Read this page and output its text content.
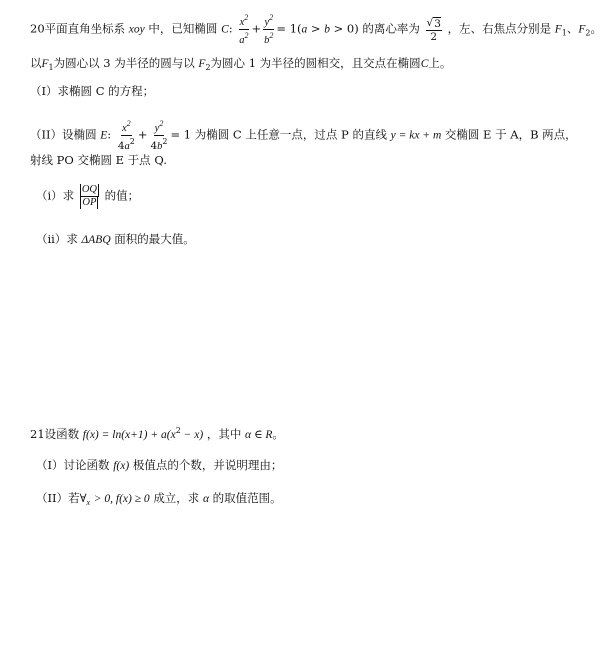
20平面直角坐标系 xoy 中，已知椭圆 C: $\frac{x^2}{a^2} + \frac{y^2}{b^2} = 1(a > b > 0)$ 的离心率为 $\frac{√ 3}{2}$ ，左、右焦点分别是 $F_1$、$F_2$。
以$F_1$为圆心以 3 为半径的圆与以 $F_2$为圆心 1 为半径的圆相交，且交点在椭圆C上。
（I）求椭圆 C 的方程；
（II）设椭圆 E: $\frac{x^2}{4a^2} + \frac{y^2}{4b^2} = 1$ 为椭圆 C 上任意一点，过点 P 的直线 y = kx + m 交椭圆 E 于 A，B 两点，
射线 PO 交椭圆 E 于点 Q.
（i）求 $\frac{OQ}{OP}$ 的值；
（ii）求 ΔABQ 面积的最大值。
21设函数 $f(x) = \ln(x+1) + a(x^2 - x)$ ，其中 α ∈ R。
（I）讨论函数 f(x) 极值点的个数，并说明理由；
（II）若$\forall_x > 0$, f(x) ≥ 0 成立，求 α 的取值范围。
